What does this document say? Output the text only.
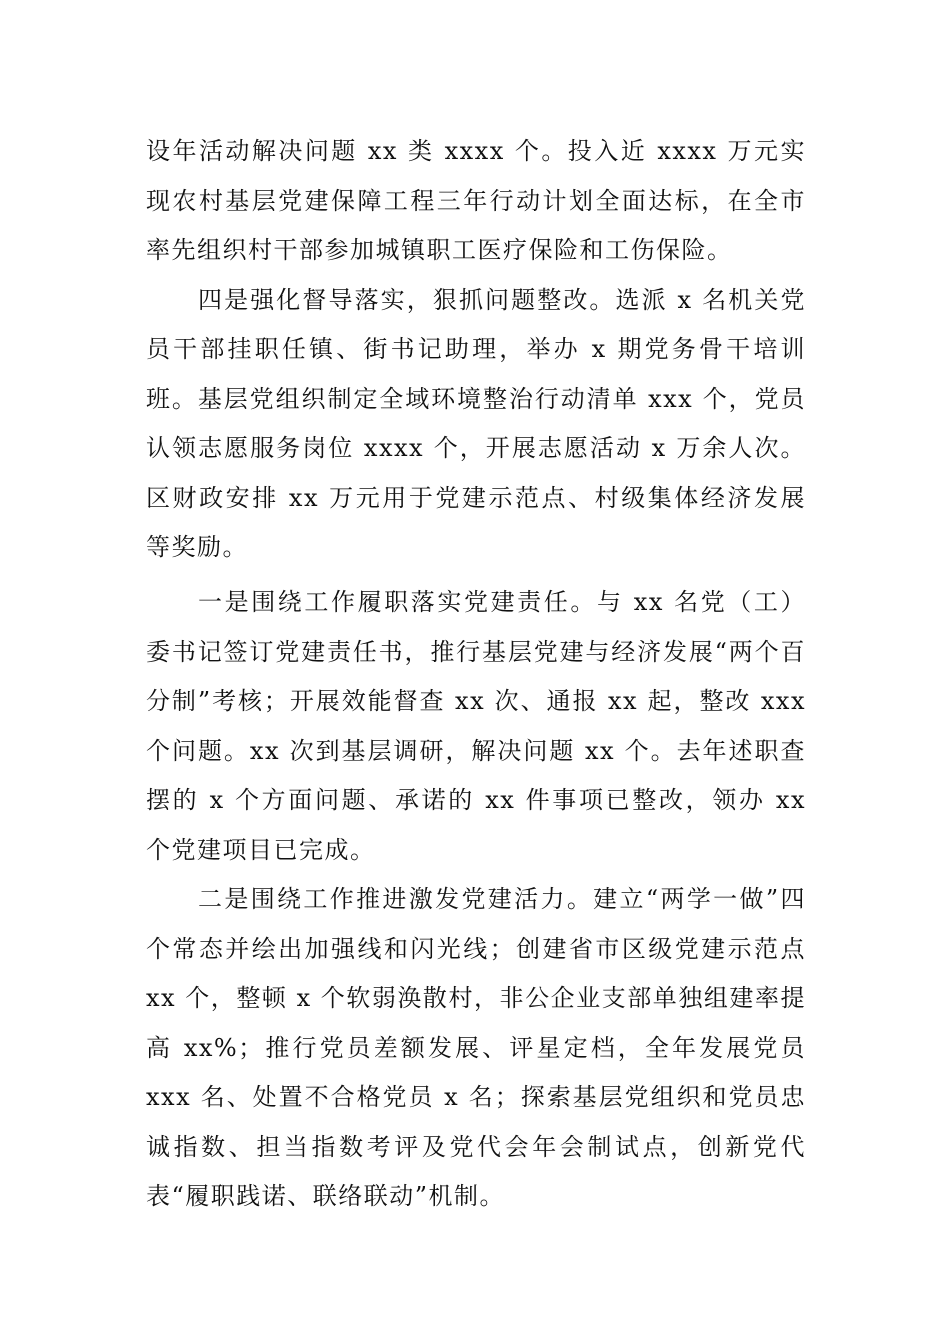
设年活动解决问题 xx 类 xxxx 个。投入近 xxxx 万元实现农村基层党建保障工程三年行动计划全面达标，在全市率先组织村干部参加城镇职工医疗保险和工伤保险。

四是强化督导落实，狠抓问题整改。选派 x 名机关党员干部挂职任镇、街书记助理，举办 x 期党务骨干培训班。基层党组织制定全域环境整治行动清单 xxx 个，党员认领志愿服务岗位 xxxx 个，开展志愿活动 x 万余人次。区财政安排 xx 万元用于党建示范点、村级集体经济发展等奖励。

一是围绕工作履职落实党建责任。与 xx 名党（工）委书记签订党建责任书，推行基层党建与经济发展“两个百分制”考核；开展效能督查 xx 次、通报 xx 起，整改 xxx 个问题。xx 次到基层调研，解决问题 xx 个。去年述职查摆的 x 个方面问题、承诺的 xx 件事项已整改，领办 xx 个党建项目已完成。

二是围绕工作推进激发党建活力。建立“两学一做”四个常态并绘出加强线和闪光线；创建省市区级党建示范点 xx 个，整顿 x 个软弱涣散村，非公企业支部单独组建率提高 xx%；推行党员差额发展、评星定档，全年发展党员 xxx 名、处置不合格党员 x 名；探索基层党组织和党员忠诚指数、担当指数考评及党代会年会制试点，创新党代表“履职践诺、联络联动”机制。
